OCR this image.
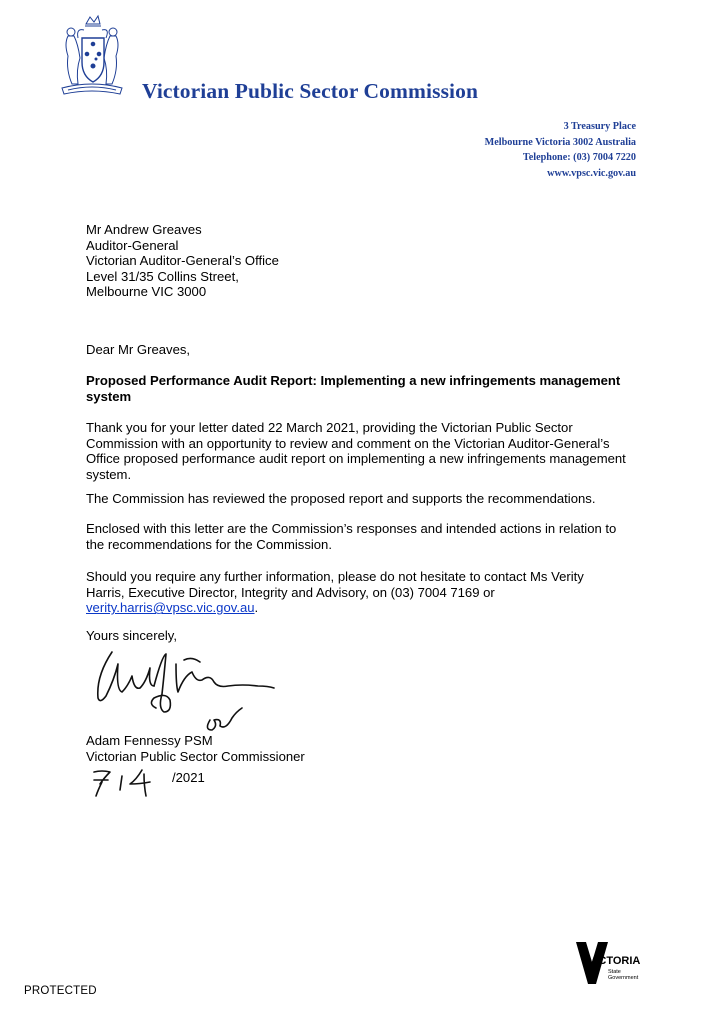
Victorian Public Sector Commission
3 Treasury Place
Melbourne Victoria 3002 Australia
Telephone: (03) 7004 7220
www.vpsc.vic.gov.au
Mr Andrew Greaves
Auditor-General
Victorian Auditor-General’s Office
Level 31/35 Collins Street,
Melbourne VIC 3000
Dear Mr Greaves,
Proposed Performance Audit Report: Implementing a new infringements management
system
Thank you for your letter dated 22 March 2021, providing the Victorian Public Sector
Commission with an opportunity to review and comment on the Victorian Auditor-General’s
Office proposed performance audit report on implementing a new infringements management
system.
The Commission has reviewed the proposed report and supports the recommendations.
Enclosed with this letter are the Commission’s responses and intended actions in relation to
the recommendations for the Commission.
Should you require any further information, please do not hesitate to contact Ms Verity
Harris, Executive Director, Integrity and Advisory, on (03) 7004 7169 or
verity.harris@vpsc.vic.gov.au.
Yours sincerely,
Adam Fennessy PSM
Victorian Public Sector Commissioner
/2021
VICTORIA
State
Government
PROTECTED
